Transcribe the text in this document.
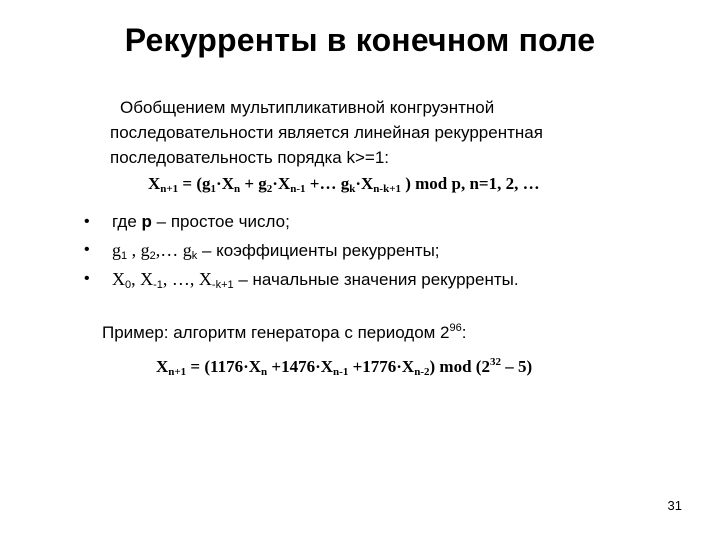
Рекурренты в конечном поле
Обобщением мультипликативной конгруэнтной
последовательности является линейная рекуррентная
последовательность порядка k>=1:
$X_{n+1} = (g_1\cdot X_n + g_2\cdot X_{n-1}$ +… $g_k\cdot X_{n-k+1}$ ) mod p, n=1, 2, …
• где p – простое число;
• $g_1$ , $g_2,\dots$ $g_k$ – коэффициенты рекурренты;
• $X_0$, $X_{-1}$, …, $X_{-k+1}$ – начальные значения рекурренты.
Пример: алгоритм генератора с периодом $2^{96}$:
$X_{n+1} = (1176\cdot X_n +1476\cdot X_{n-1} +1776\cdot X_{n-2})$ mod $(2^{32} - 5)$
31
